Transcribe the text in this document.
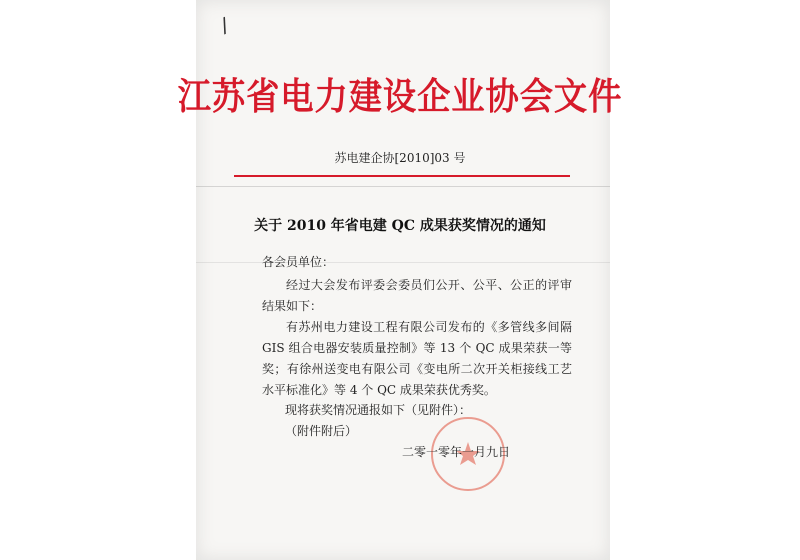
/
江苏省电力建设企业协会文件
苏电建企协[2010]03 号
关于 2010 年省电建 QC 成果获奖情况的通知
各会员单位：
经过大会发布评委会委员们公开、公平、公正的评审结果如下：
有苏州电力建设工程有限公司发布的《多管线多间隔 GIS 组合电器安装质量控制》等 13 个 QC 成果荣获一等奖；有徐州送变电有限公司《变电所二次开关柜接线工艺水平标准化》等 4 个 QC 成果荣获优秀奖。
现将获奖情况通报如下（见附件）：
（附件附后）
二零一零年一月九日
